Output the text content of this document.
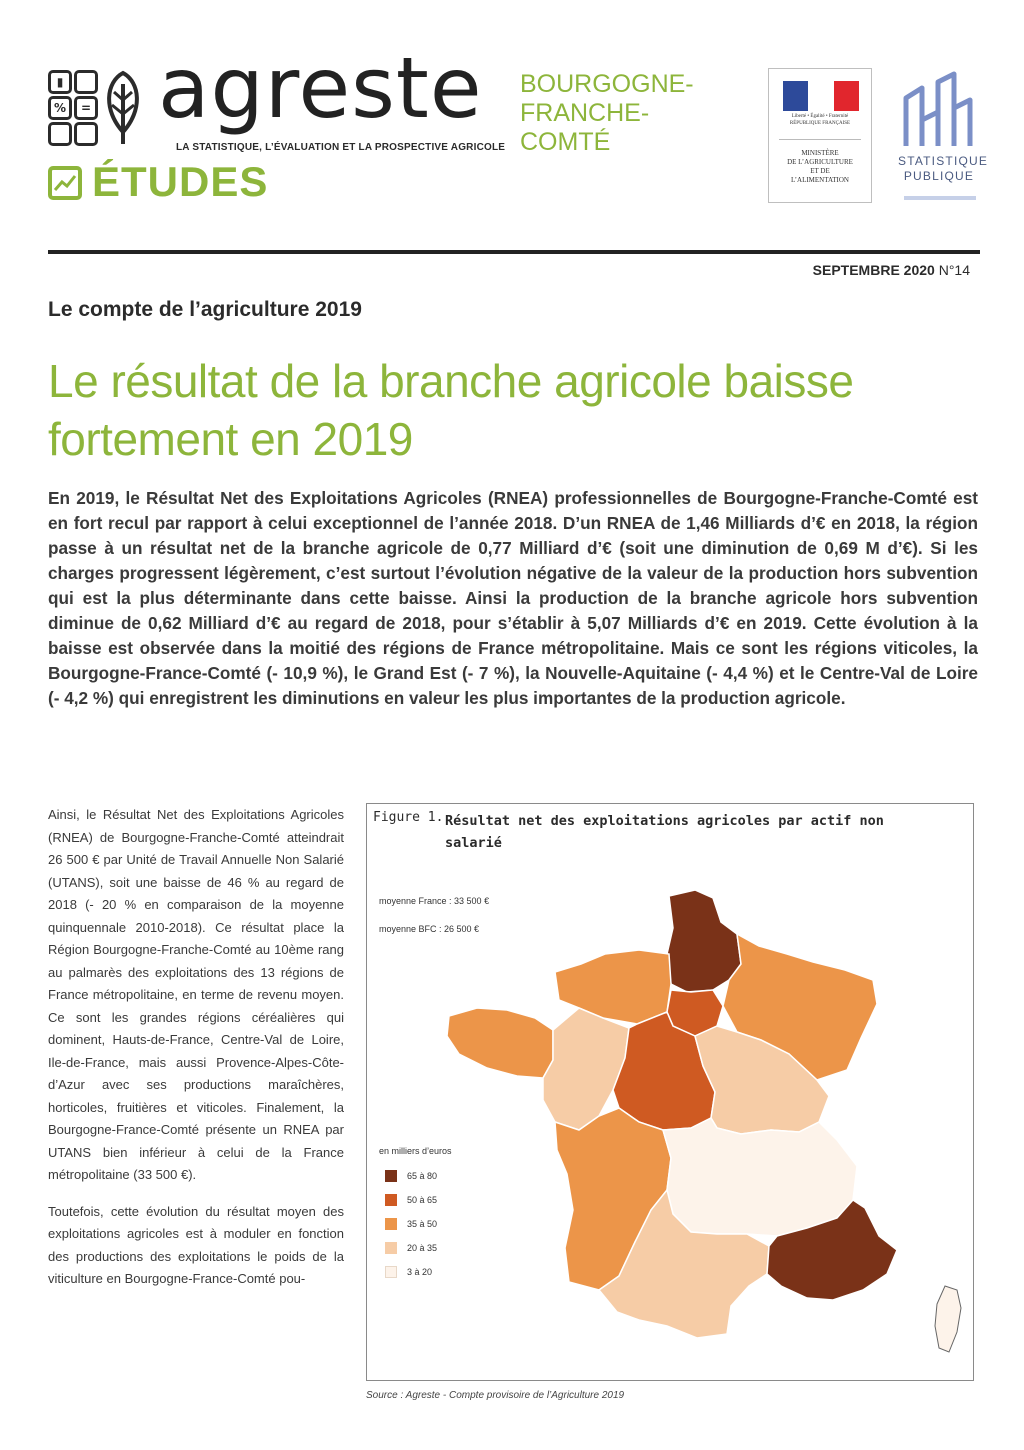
▮
%	= agreste
LA STATISTIQUE, L’ÉVALUATION ET LA PROSPECTIVE AGRICOLE
ÉTUDES
BOURGOGNE-
FRANCHE-
COMTÉ
Liberté • Égalité • Fraternité
RÉPUBLIQUE FRANÇAISE
MINISTÈRE
DE L’AGRICULTURE
ET DE
L’ALIMENTATION
STATISTIQUE
PUBLIQUE
SEPTEMBRE 2020 N°14
Le compte de l’agriculture 2019
Le résultat de la branche agricole baisse fortement en 2019
En 2019, le Résultat Net des Exploitations Agricoles (RNEA) professionnelles de Bourgogne-Franche-Comté est en fort recul par rapport à celui exceptionnel de l’année 2018. D’un RNEA de 1,46 Milliards d’€ en 2018, la région passe à un résultat net de la branche agricole de 0,77 Milliard d’€ (soit une diminution de 0,69 M d’€). Si les charges progressent légèrement, c’est surtout l’évolution négative de la valeur de la production hors subvention qui est la plus déterminante dans cette baisse. Ainsi la production de la branche agricole hors subvention diminue de 0,62 Milliard d’€ au regard de 2018, pour s’établir à 5,07 Milliards d’€ en 2019. Cette évolution à la baisse est observée dans la moitié des régions de France métropolitaine. Mais ce sont les régions viticoles, la Bourgogne-France-Comté (- 10,9 %), le Grand Est (- 7 %), la Nouvelle-Aquitaine (- 4,4 %) et le Centre-Val de Loire (- 4,2 %) qui enregistrent les diminutions en valeur les plus importantes de la production agricole.

Ainsi, le Résultat Net des Exploitations Agricoles (RNEA) de Bourgogne-Franche-Comté atteindrait 26 500 € par Unité de Travail Annuelle Non Salarié (UTANS), soit une baisse de 46 % au regard de 2018 (- 20 % en comparaison de la moyenne quinquennale 2010-2018). Ce résultat place la Région Bourgogne-Franche-Comté au 10ème rang au palmarès des exploitations des 13 régions de France métropolitaine, en terme de revenu moyen. Ce sont les grandes régions céréalières qui dominent, Hauts-de-France, Centre-Val de Loire, Ile-de-France, mais aussi Provence-Alpes-Côte-d’Azur avec ses productions maraîchères, horticoles, fruitières et viticoles. Finalement, la Bourgogne-France-Comté présente un RNEA par UTANS bien inférieur à celui de la France métropolitaine (33 500 €).

Toutefois, cette évolution du résultat moyen des exploitations agricoles est à moduler en fonction des productions des exploitations le poids de la viticulture en Bourgogne-France-Comté pou-

Figure 1. Résultat net des exploitations agricoles par actif non salarié
moyenne France : 33 500 €
moyenne BFC : 26 500 €
en milliers d’euros
65 à 80
50 à 65
35 à 50
20 à 35
3 à 20
Source : Agreste - Compte provisoire de l’Agriculture 2019
